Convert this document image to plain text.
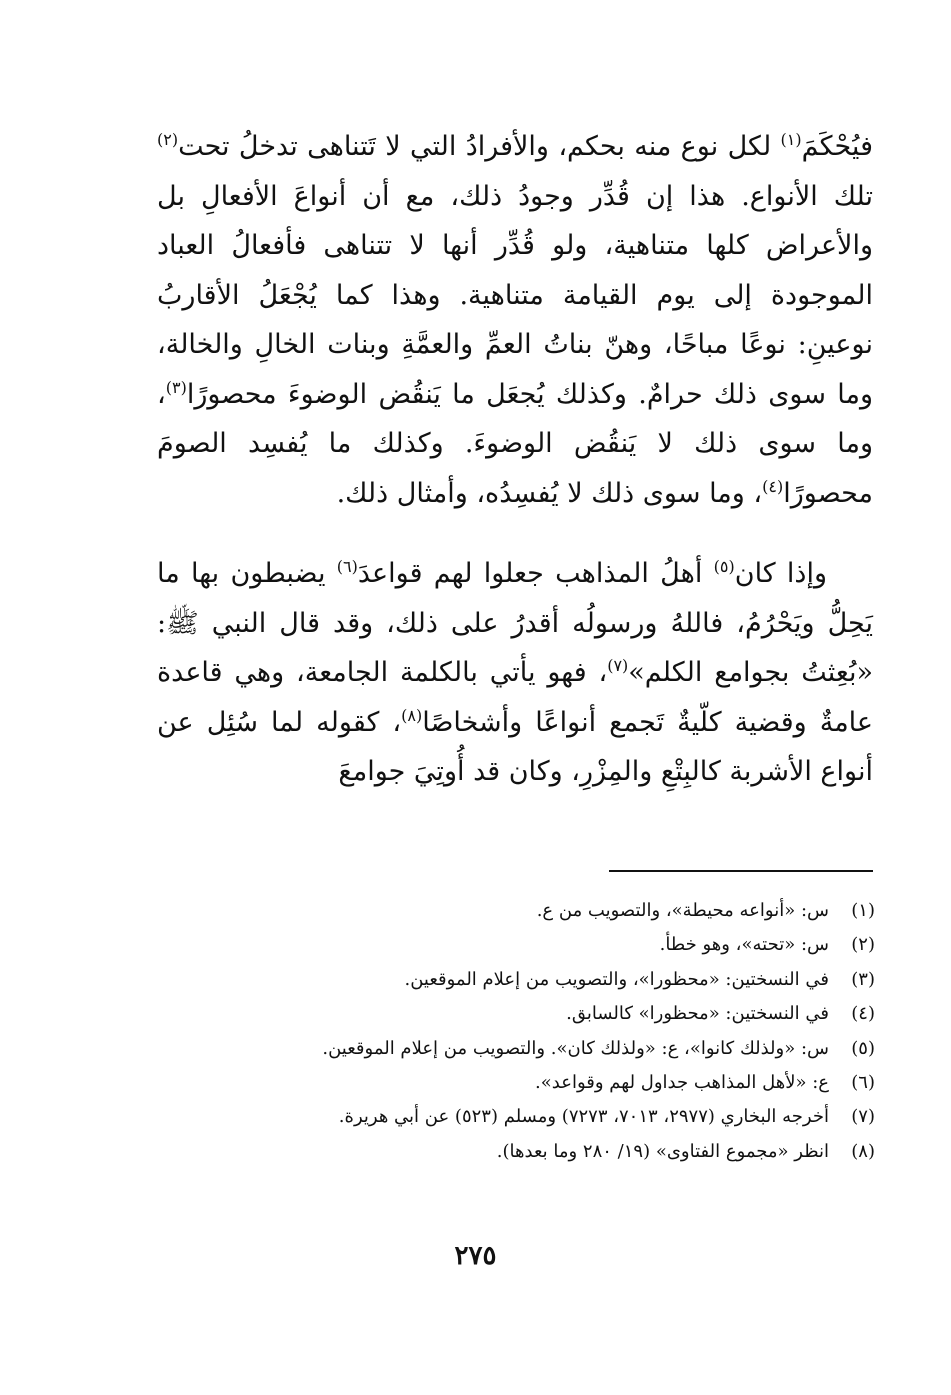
فيُحْكَمَ$^{(١)}$ لكل نوع منه بحكم، والأفرادُ التي لا تَتناهى تدخلُ تحت$^{(٢)}$ تلك الأنواع. هذا إن قُدِّر وجودُ ذلك، مع أن أنواعَ الأفعالِ بل والأعراض كلها متناهية، ولو قُدِّر أنها لا تتناهى فأفعالُ العباد الموجودة إلى يوم القيامة متناهية. وهذا كما يُجْعَلُ الأقاربُ نوعينِ: نوعًا مباحًا، وهنّ بناتُ العمِّ والعمَّةِ وبنات الخالِ والخالة، وما سوى ذلك حرامٌ. وكذلك يُجعَل ما يَنقُض الوضوءَ محصورًا$^{(٣)}$، وما سوى ذلك لا يَنقُض الوضوءَ. وكذلك ما يُفسِد الصومَ محصورًا$^{(٤)}$، وما سوى ذلك لا يُفسِدُه، وأمثال ذلك.

وإذا كان$^{(٥)}$ أهلُ المذاهب جعلوا لهم قواعدَ$^{(٦)}$ يضبطون بها ما يَحِلُّ ويَحْرُمُ، فاللهُ ورسولُه أقدرُ على ذلك، وقد قال النبي ﷺ: «بُعِثتُ بجوامع الكلم»$^{(٧)}$، فهو يأتي بالكلمة الجامعة، وهي قاعدة عامةٌ وقضية كلّيةٌ تَجمع أنواعًا وأشخاصًا$^{(٨)}$، كقوله لما سُئِل عن أنواع الأشربة كالبِتْعِ والمِزْرِ، وكان قد أُوتِيَ جوامعَ

(١)س: «أنواعه محيطة»، والتصويب من ع.
(٢)س: «تحته»، وهو خطأ.
(٣)في النسختين: «محظورا»، والتصويب من إعلام الموقعين.
(٤)في النسختين: «محظورا» كالسابق.
(٥)س: «ولذلك كانوا»، ع: «ولذلك كان». والتصويب من إعلام الموقعين.
(٦)ع: «لأهل المذاهب جداول لهم وقواعد».
(٧)أخرجه البخاري (٢٩٧٧، ٧٠١٣، ٧٢٧٣) ومسلم (٥٢٣) عن أبي هريرة.
(٨)انظر «مجموع الفتاوى» (١٩/ ٢٨٠ وما بعدها).
٢٧٥
